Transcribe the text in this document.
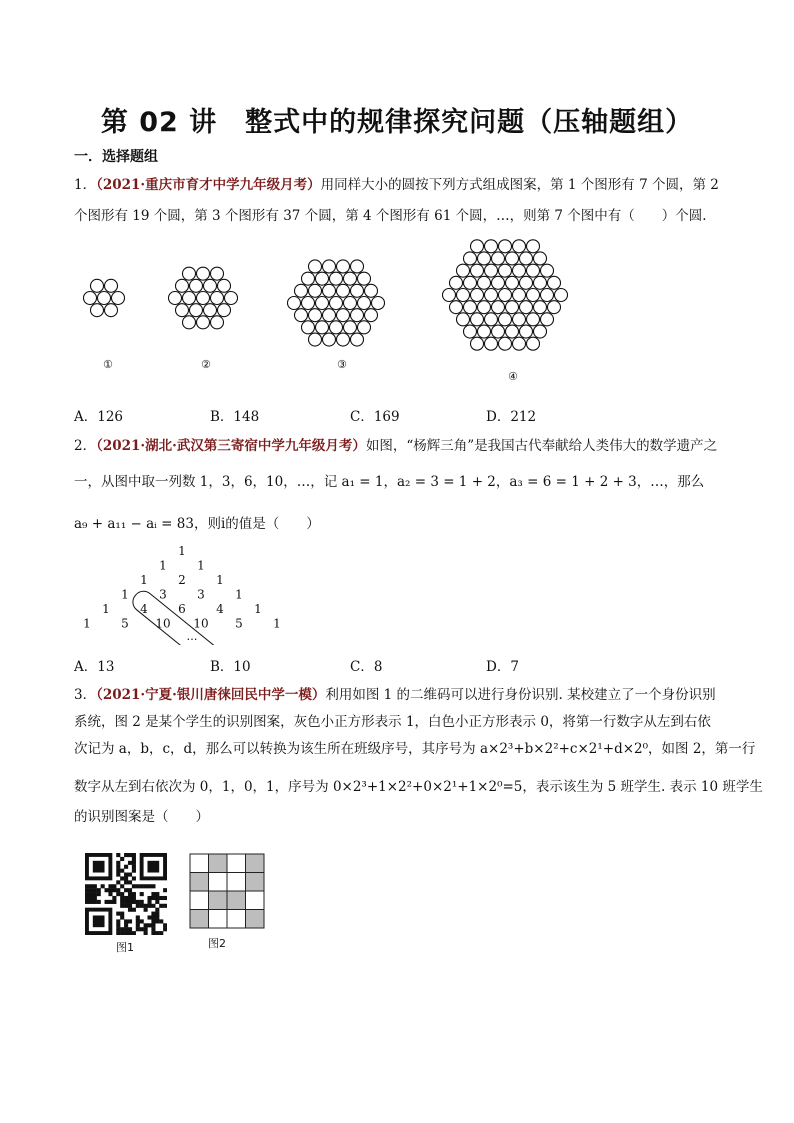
第 02 讲　整式中的规律探究问题（压轴题组）
一．选择题组
1．（2021·重庆市育才中学九年级月考）用同样大小的圆按下列方式组成图案，第 1 个图形有 7 个圆，第 2
个图形有 19 个圆，第 3 个图形有 37 个圆，第 4 个图形有 61 个圆，…，则第 7 个图中有（　　）个圆.
①	②	③
④
A．126	B．148	C．169	D．212
2．（2021·湖北·武汉第三寄宿中学九年级月考）如图，“杨辉三角”是我国古代奉献给人类伟大的数学遗产之
一，从图中取一列数 1，3，6，10，…，记 a₁ = 1，a₂ = 3 = 1 + 2，a₃ = 6 = 1 + 2 + 3，…，那么
a₉ + a₁₁ − aᵢ = 83，则i的值是（　　）
1
1	1
1	2	1
1	3	3	1
1	4	6	4	1
1	5 10 10 5	1
…
A．13	B．10	C．8	D．7
3．（2021·宁夏·银川唐徕回民中学一模）利用如图 1 的二维码可以进行身份识别. 某校建立了一个身份识别
系统，图 2 是某个学生的识别图案，灰色小正方形表示 1，白色小正方形表示 0，将第一行数字从左到右依
次记为 a，b，c，d，那么可以转换为该生所在班级序号，其序号为 a×2³+b×2²+c×2¹+d×2⁰，如图 2，第一行
数字从左到右依次为 0，1，0，1，序号为 0×2³+1×2²+0×2¹+1×2⁰=5，表示该生为 5 班学生. 表示 10 班学生
的识别图案是（　　）
图1	图2
